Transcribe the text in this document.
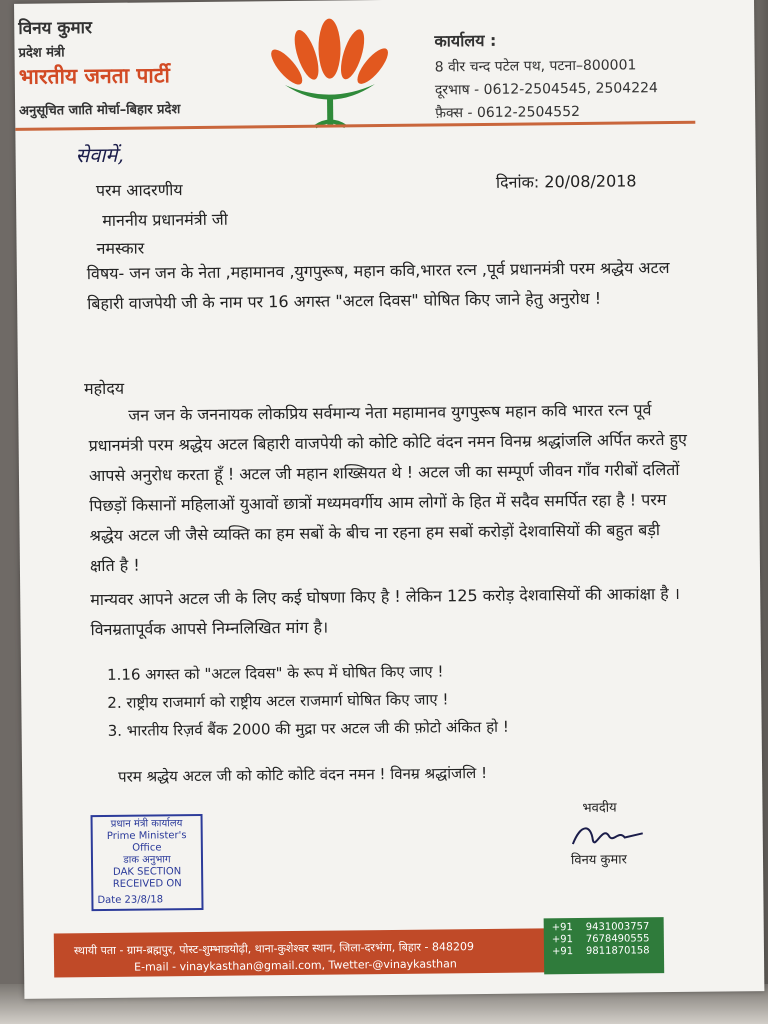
विनय कुमार
प्रदेश मंत्री
भारतीय जनता पार्टी
अनुसूचित जाति मोर्चा–बिहार प्रदेश
कार्यालय :
8 वीर चन्द पटेल पथ, पटना–800001
दूरभाष - 0612-2504545, 2504224
फ़ैक्स - 0612-2504552
सेवामें,
परम आदरणीय	दिनांक: 20/08/2018
माननीय प्रधानमंत्री जी
नमस्कार
विषय- जन जन के नेता ,महामानव ,युगपुरूष, महान कवि,भारत रत्न ,पूर्व प्रधानमंत्री परम श्रद्धेय अटल बिहारी वाजपेयी जी के नाम पर 16 अगस्त "अटल दिवस" घोषित किए जाने हेतु अनुरोध !
महोदय
जन जन के जननायक लोकप्रिय सर्वमान्य नेता महामानव युगपुरूष महान कवि भारत रत्न पूर्व प्रधानमंत्री परम श्रद्धेय अटल बिहारी वाजपेयी को कोटि कोटि वंदन नमन विनम्र श्रद्धांजलि अर्पित करते हुए आपसे अनुरोध करता हूँ ! अटल जी महान शख्सियत थे ! अटल जी का सम्पूर्ण जीवन गाँव गरीबों दलितों पिछड़ों किसानों महिलाओं युआवों छात्रों मध्यमवर्गीय आम लोगों के हित में सदैव समर्पित रहा है ! परम श्रद्धेय अटल जी जैसे व्यक्ति का हम सबों के बीच ना रहना हम सबों करोड़ों देशवासियों की बहुत बड़ी क्षति है !
मान्यवर आपने अटल जी के लिए कई घोषणा किए है ! लेकिन 125 करोड़ देशवासियों की आकांक्षा है । विनम्रतापूर्वक आपसे निम्नलिखित मांग है।
1.16 अगस्त को "अटल दिवस" के रूप में घोषित किए जाए !
2. राष्ट्रीय राजमार्ग को राष्ट्रीय अटल राजमार्ग घोषित किए जाए !
3. भारतीय रिज़र्व बैंक 2000 की मुद्रा पर अटल जी की फ़ोटो अंकित हो !
परम श्रद्धेय अटल जी को कोटि कोटि वंदन नमन ! विनम्र श्रद्धांजलि !
प्रधान मंत्री कार्यालय
Prime Minister's Office
डाक अनुभाग
DAK SECTION
RECEIVED ON
Date 23/8/18
भवदीय
विनय कुमार
स्थायी पता - ग्राम-ब्रह्मपुर, पोस्ट-शुम्भाडयोढ़ी, थाना-कुशेश्वर स्थान, जिला-दरभंगा, बिहार - 848209
E-mail - vinaykasthan@gmail.com, Twetter-@vinaykasthan
+91 9431003757
+91 7678490555
+91 9811870158
